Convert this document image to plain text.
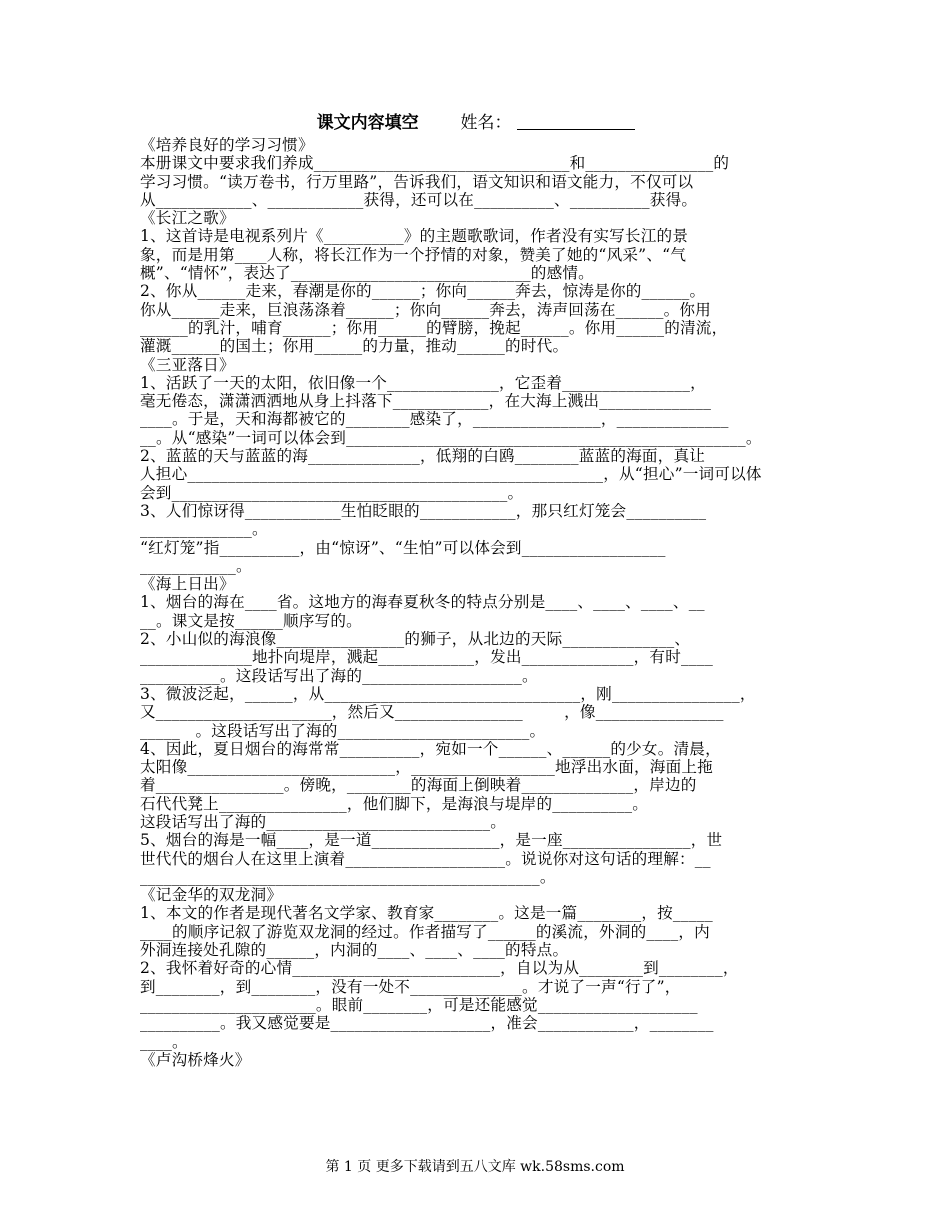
课文内容填空 姓名：
《培养良好的学习习惯》
本册课文中要求我们养成________________________________和________________的
学习习惯。“读万卷书，行万里路”，告诉我们，语文知识和语文能力，不仅可以
从____________、____________获得，还可以在__________、__________获得。
《长江之歌》
1、这首诗是电视系列片《__________》的主题歌歌词，作者没有实写长江的景
象，而是用第____人称，将长江作为一个抒情的对象，赞美了她的“风采”、“气
概”、“情怀”，表达了______________________________的感情。
2、你从______走来，春潮是你的______；你向______奔去，惊涛是你的______。
你从______走来，巨浪荡涤着______；你向______奔去，涛声回荡在______。你用
______的乳汁，哺育______；你用______的臂膀，挽起______。你用______的清流，
灌溉______的国土；你用______的力量，推动______的时代。
《三亚落日》
1、活跃了一天的太阳，依旧像一个______________，它歪着________________，
毫无倦态，潇潇洒洒地从身上抖落下____________，在大海上溅出______________
____。于是，天和海都被它的________感染了，________________，______________
__。从“感染”一词可以体会到__________________________________________________。
2、蓝蓝的天与蓝蓝的海______________，低翔的白鸥________蓝蓝的海面，真让
人担心____________________________________________________，从“担心”一词可以体
会到__________________________________________。
3、人们惊讶得____________生怕眨眼的____________，那只红灯笼会__________
______________。
“红灯笼”指__________，由“惊讶”、“生怕”可以体会到__________________
____________。
《海上日出》
1、烟台的海在____省。这地方的海春夏秋冬的特点分别是____、____、____、__
__。课文是按______顺序写的。
2、小山似的海浪像________________的狮子，从北边的天际______________、
______________地扑向堤岸，溅起____________，发出______________，有时____
__________。这段话写出了海的____________________。
3、微波泛起，______，从________________________________，刚________________，
又______________________，然后又________________        ，像________________
_____   。这段话写出了海的________________________。
4、因此，夏日烟台的海常常__________，宛如一个______、______的少女。清晨，
太阳像__________________________，__________________地浮出水面，海面上拖
着________________。傍晚，________的海面上倒映着______________，岸边的
石代代凳上________________，他们脚下，是海浪与堤岸的__________。
这段话写出了海的____________________________。
5、烟台的海是一幅____，是一道________________，是一座________________，世
世代代的烟台人在这里上演着____________________。说说你对这句话的理解：__
__________________________________________________。
《记金华的双龙洞》
1、本文的作者是现代著名文学家、教育家________。这是一篇________，按_____
____的顺序记叙了游览双龙洞的经过。作者描写了______的溪流，外洞的____，内
外洞连接处孔隙的______，内洞的____、____、____的特点。
2、我怀着好奇的心情__________________________，自以为从________到________，
到________，到________，没有一处不______________。才说了一声“行了”，
______________________。眼前________，可是还能感觉____________________
__________。我又感觉要是____________________，准会____________，________
____。
《卢沟桥烽火》
第 1 页 更多下载请到五八文库 wk.58sms.com
